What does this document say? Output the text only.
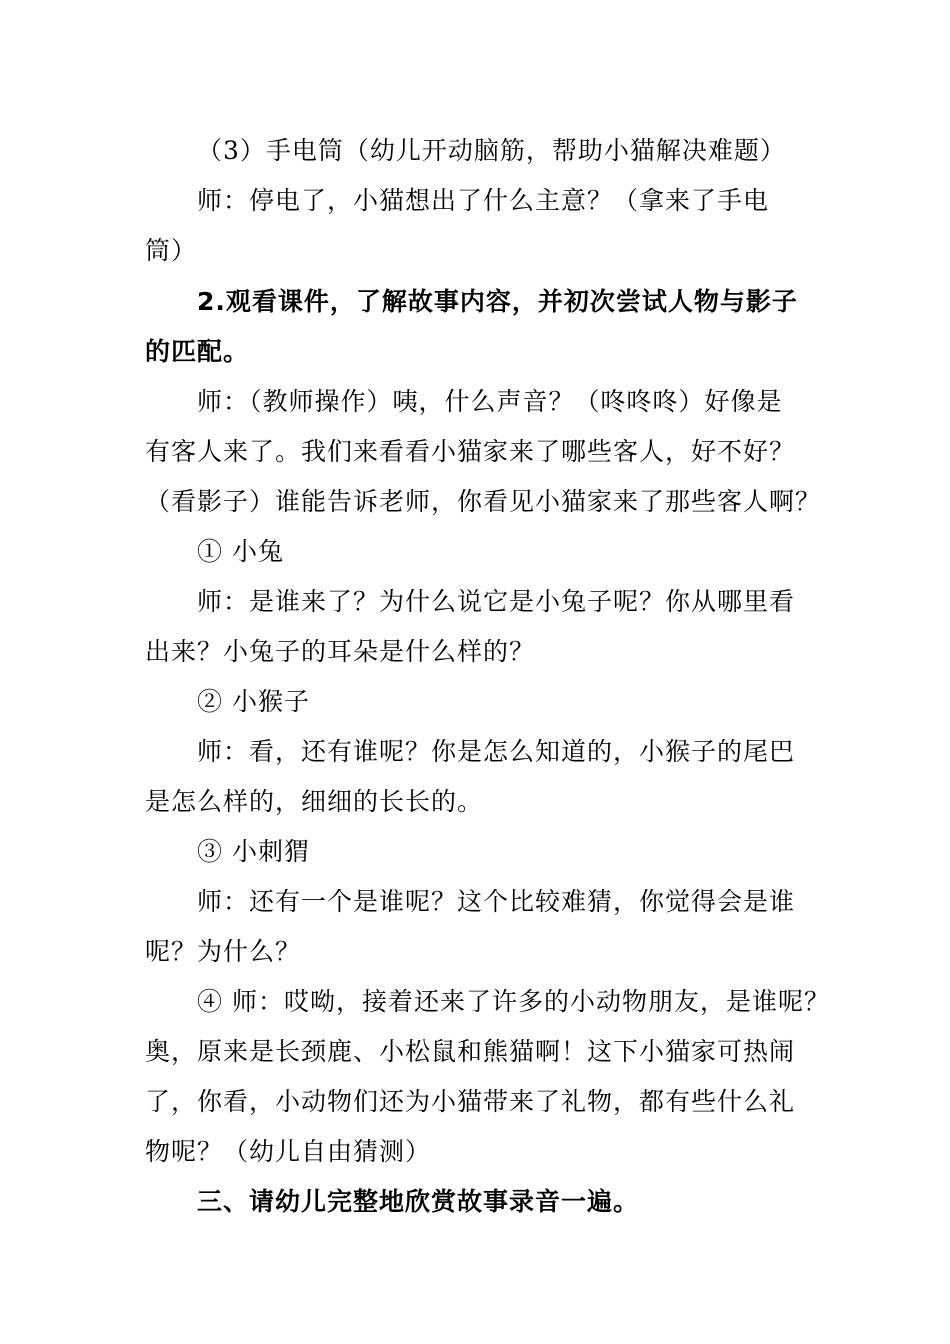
（3）手电筒（幼儿开动脑筋，帮助小猫解决难题）

师：停电了，小猫想出了什么主意？（拿来了手电

筒）

2.观看课件，了解故事内容，并初次尝试人物与影子

的匹配。

师：（教师操作）咦，什么声音？（咚咚咚）好像是

有客人来了。我们来看看小猫家来了哪些客人，好不好？

（看影子）谁能告诉老师，你看见小猫家来了那些客人啊？

① 小兔

师：是谁来了？为什么说它是小兔子呢？你从哪里看

出来？小兔子的耳朵是什么样的？

② 小猴子

师：看，还有谁呢？你是怎么知道的，小猴子的尾巴

是怎么样的，细细的长长的。

③ 小刺猬

师：还有一个是谁呢？这个比较难猜，你觉得会是谁

呢？为什么？

④ 师：哎呦，接着还来了许多的小动物朋友，是谁呢？

奥，原来是长颈鹿、小松鼠和熊猫啊！这下小猫家可热闹

了，你看，小动物们还为小猫带来了礼物，都有些什么礼

物呢？（幼儿自由猜测）

三、请幼儿完整地欣赏故事录音一遍。
